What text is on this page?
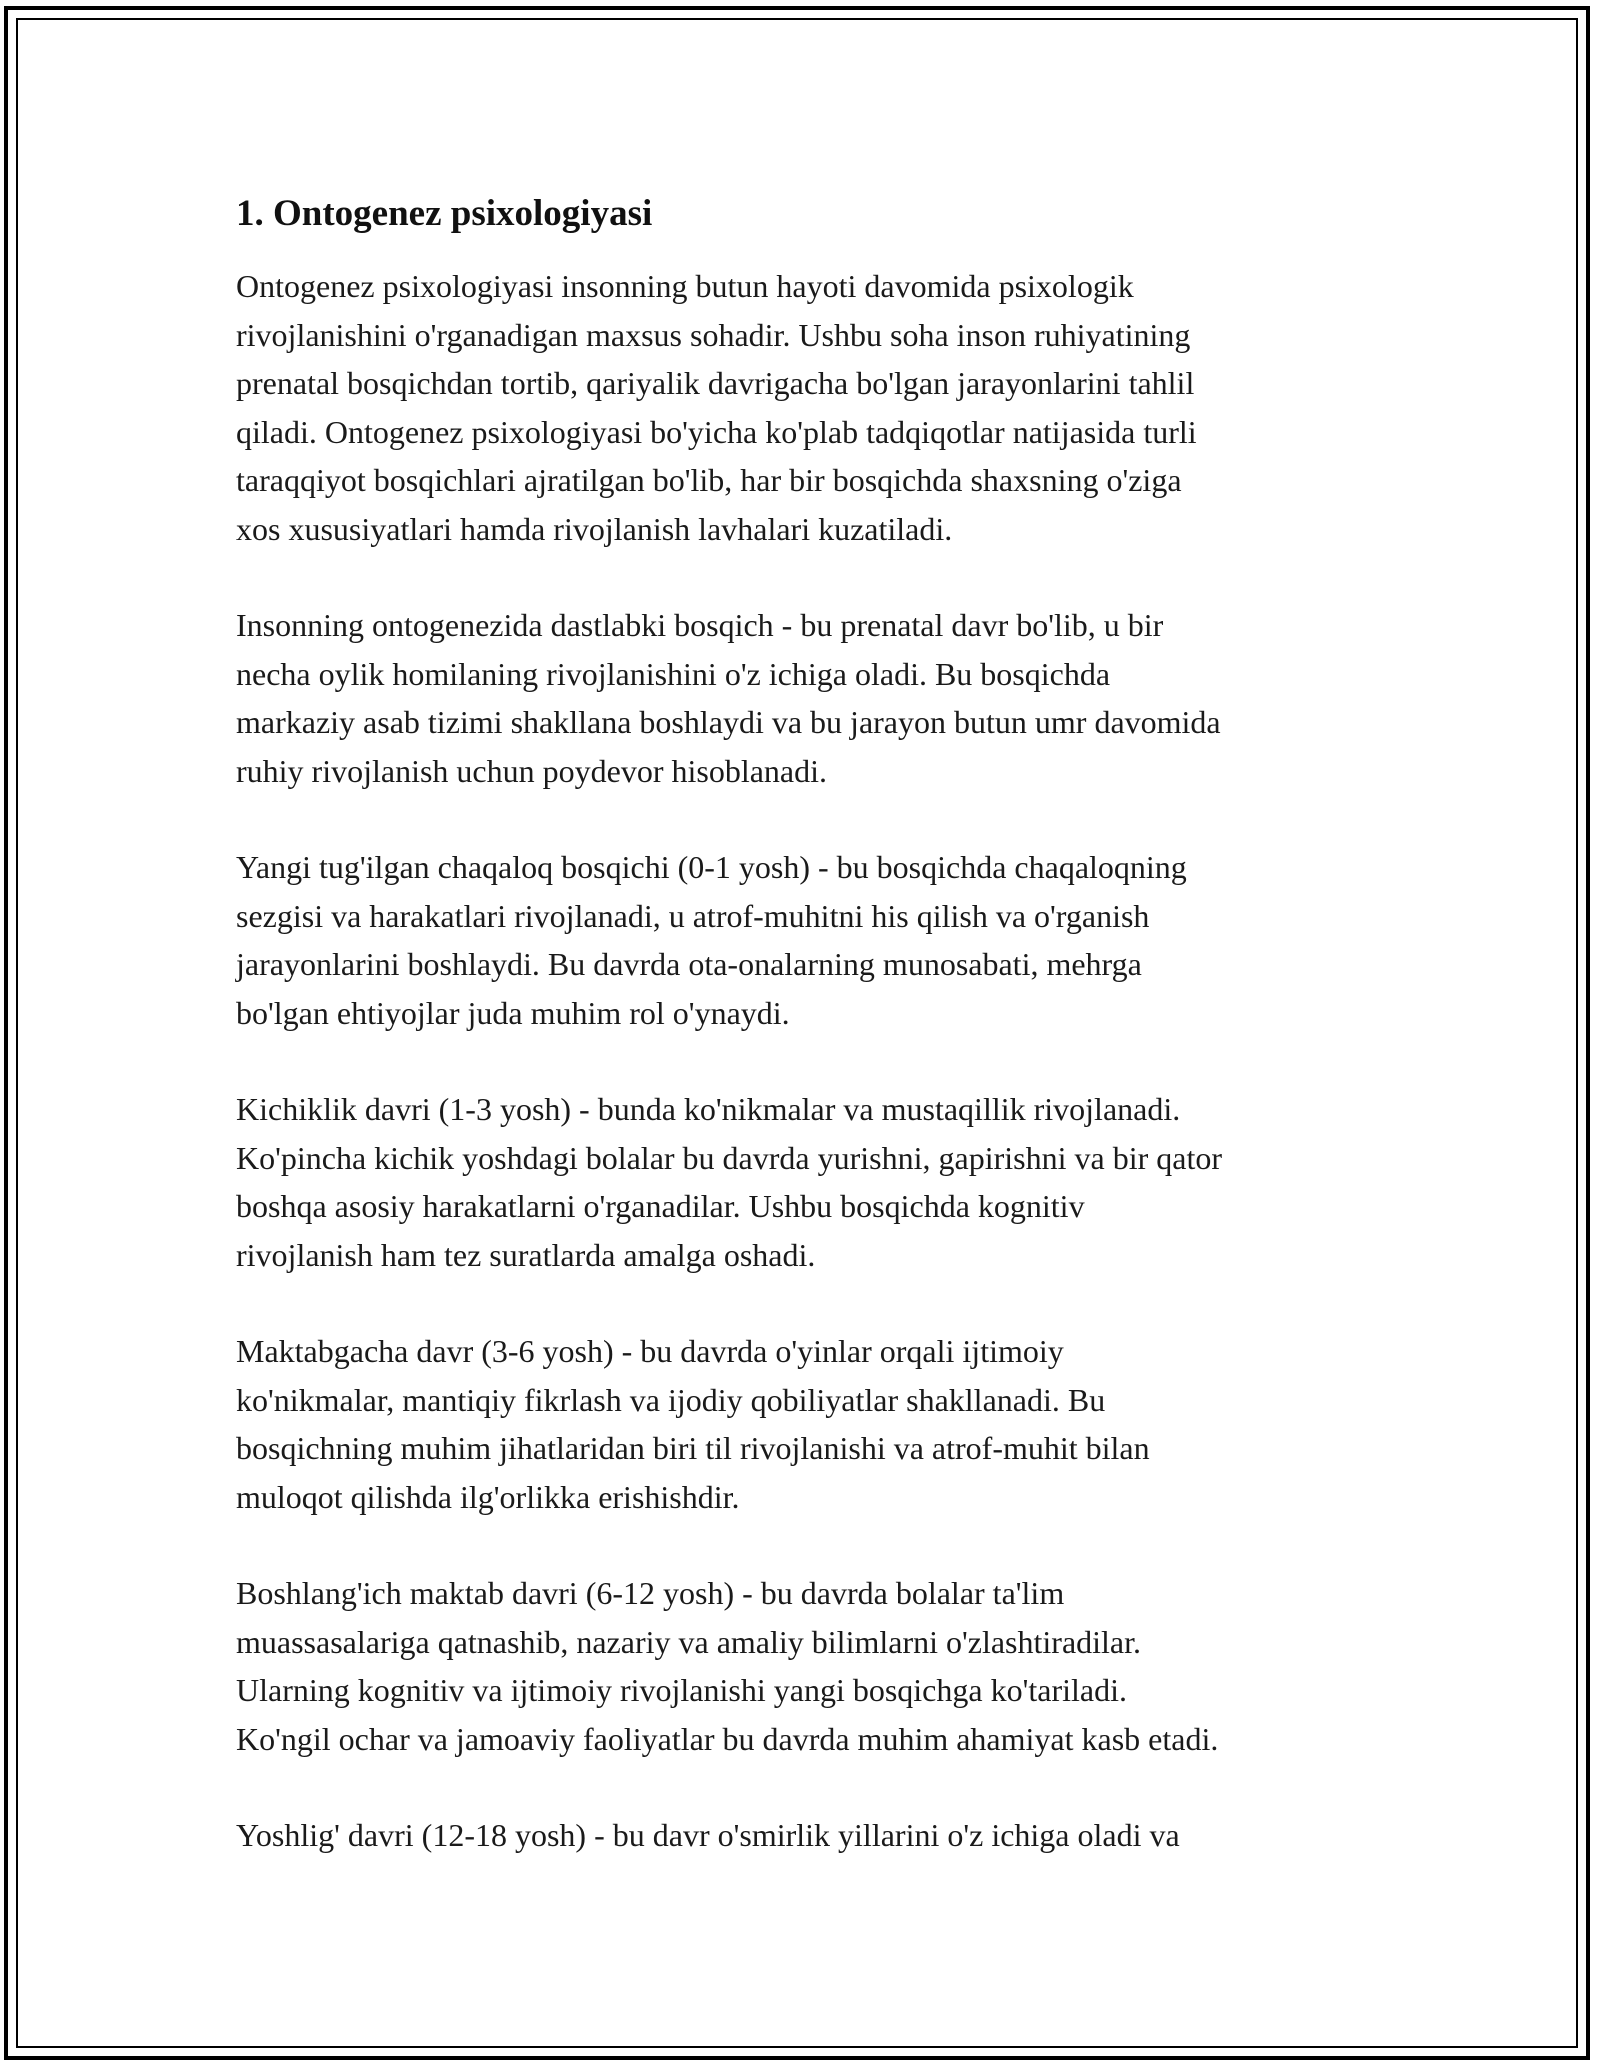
1. Ontogenez psixologiyasi

Ontogenez psixologiyasi insonning butun hayoti davomida psixologik
rivojlanishini o'rganadigan maxsus sohadir. Ushbu soha inson ruhiyatining
prenatal bosqichdan tortib, qariyalik davrigacha bo'lgan jarayonlarini tahlil
qiladi. Ontogenez psixologiyasi bo'yicha ko'plab tadqiqotlar natijasida turli
taraqqiyot bosqichlari ajratilgan bo'lib, har bir bosqichda shaxsning o'ziga
xos xususiyatlari hamda rivojlanish lavhalari kuzatiladi.

Insonning ontogenezida dastlabki bosqich - bu prenatal davr bo'lib, u bir
necha oylik homilaning rivojlanishini o'z ichiga oladi. Bu bosqichda
markaziy asab tizimi shakllana boshlaydi va bu jarayon butun umr davomida
ruhiy rivojlanish uchun poydevor hisoblanadi.

Yangi tug'ilgan chaqaloq bosqichi (0-1 yosh) - bu bosqichda chaqaloqning
sezgisi va harakatlari rivojlanadi, u atrof-muhitni his qilish va o'rganish
jarayonlarini boshlaydi. Bu davrda ota-onalarning munosabati, mehrga
bo'lgan ehtiyojlar juda muhim rol o'ynaydi.

Kichiklik davri (1-3 yosh) - bunda ko'nikmalar va mustaqillik rivojlanadi.
Ko'pincha kichik yoshdagi bolalar bu davrda yurishni, gapirishni va bir qator
boshqa asosiy harakatlarni o'rganadilar. Ushbu bosqichda kognitiv
rivojlanish ham tez suratlarda amalga oshadi.

Maktabgacha davr (3-6 yosh) - bu davrda o'yinlar orqali ijtimoiy
ko'nikmalar, mantiqiy fikrlash va ijodiy qobiliyatlar shakllanadi. Bu
bosqichning muhim jihatlaridan biri til rivojlanishi va atrof-muhit bilan
muloqot qilishda ilg'orlikka erishishdir.

Boshlang'ich maktab davri (6-12 yosh) - bu davrda bolalar ta'lim
muassasalariga qatnashib, nazariy va amaliy bilimlarni o'zlashtiradilar.
Ularning kognitiv va ijtimoiy rivojlanishi yangi bosqichga ko'tariladi.
Ko'ngil ochar va jamoaviy faoliyatlar bu davrda muhim ahamiyat kasb etadi.

Yoshlig' davri (12-18 yosh) - bu davr o'smirlik yillarini o'z ichiga oladi va
